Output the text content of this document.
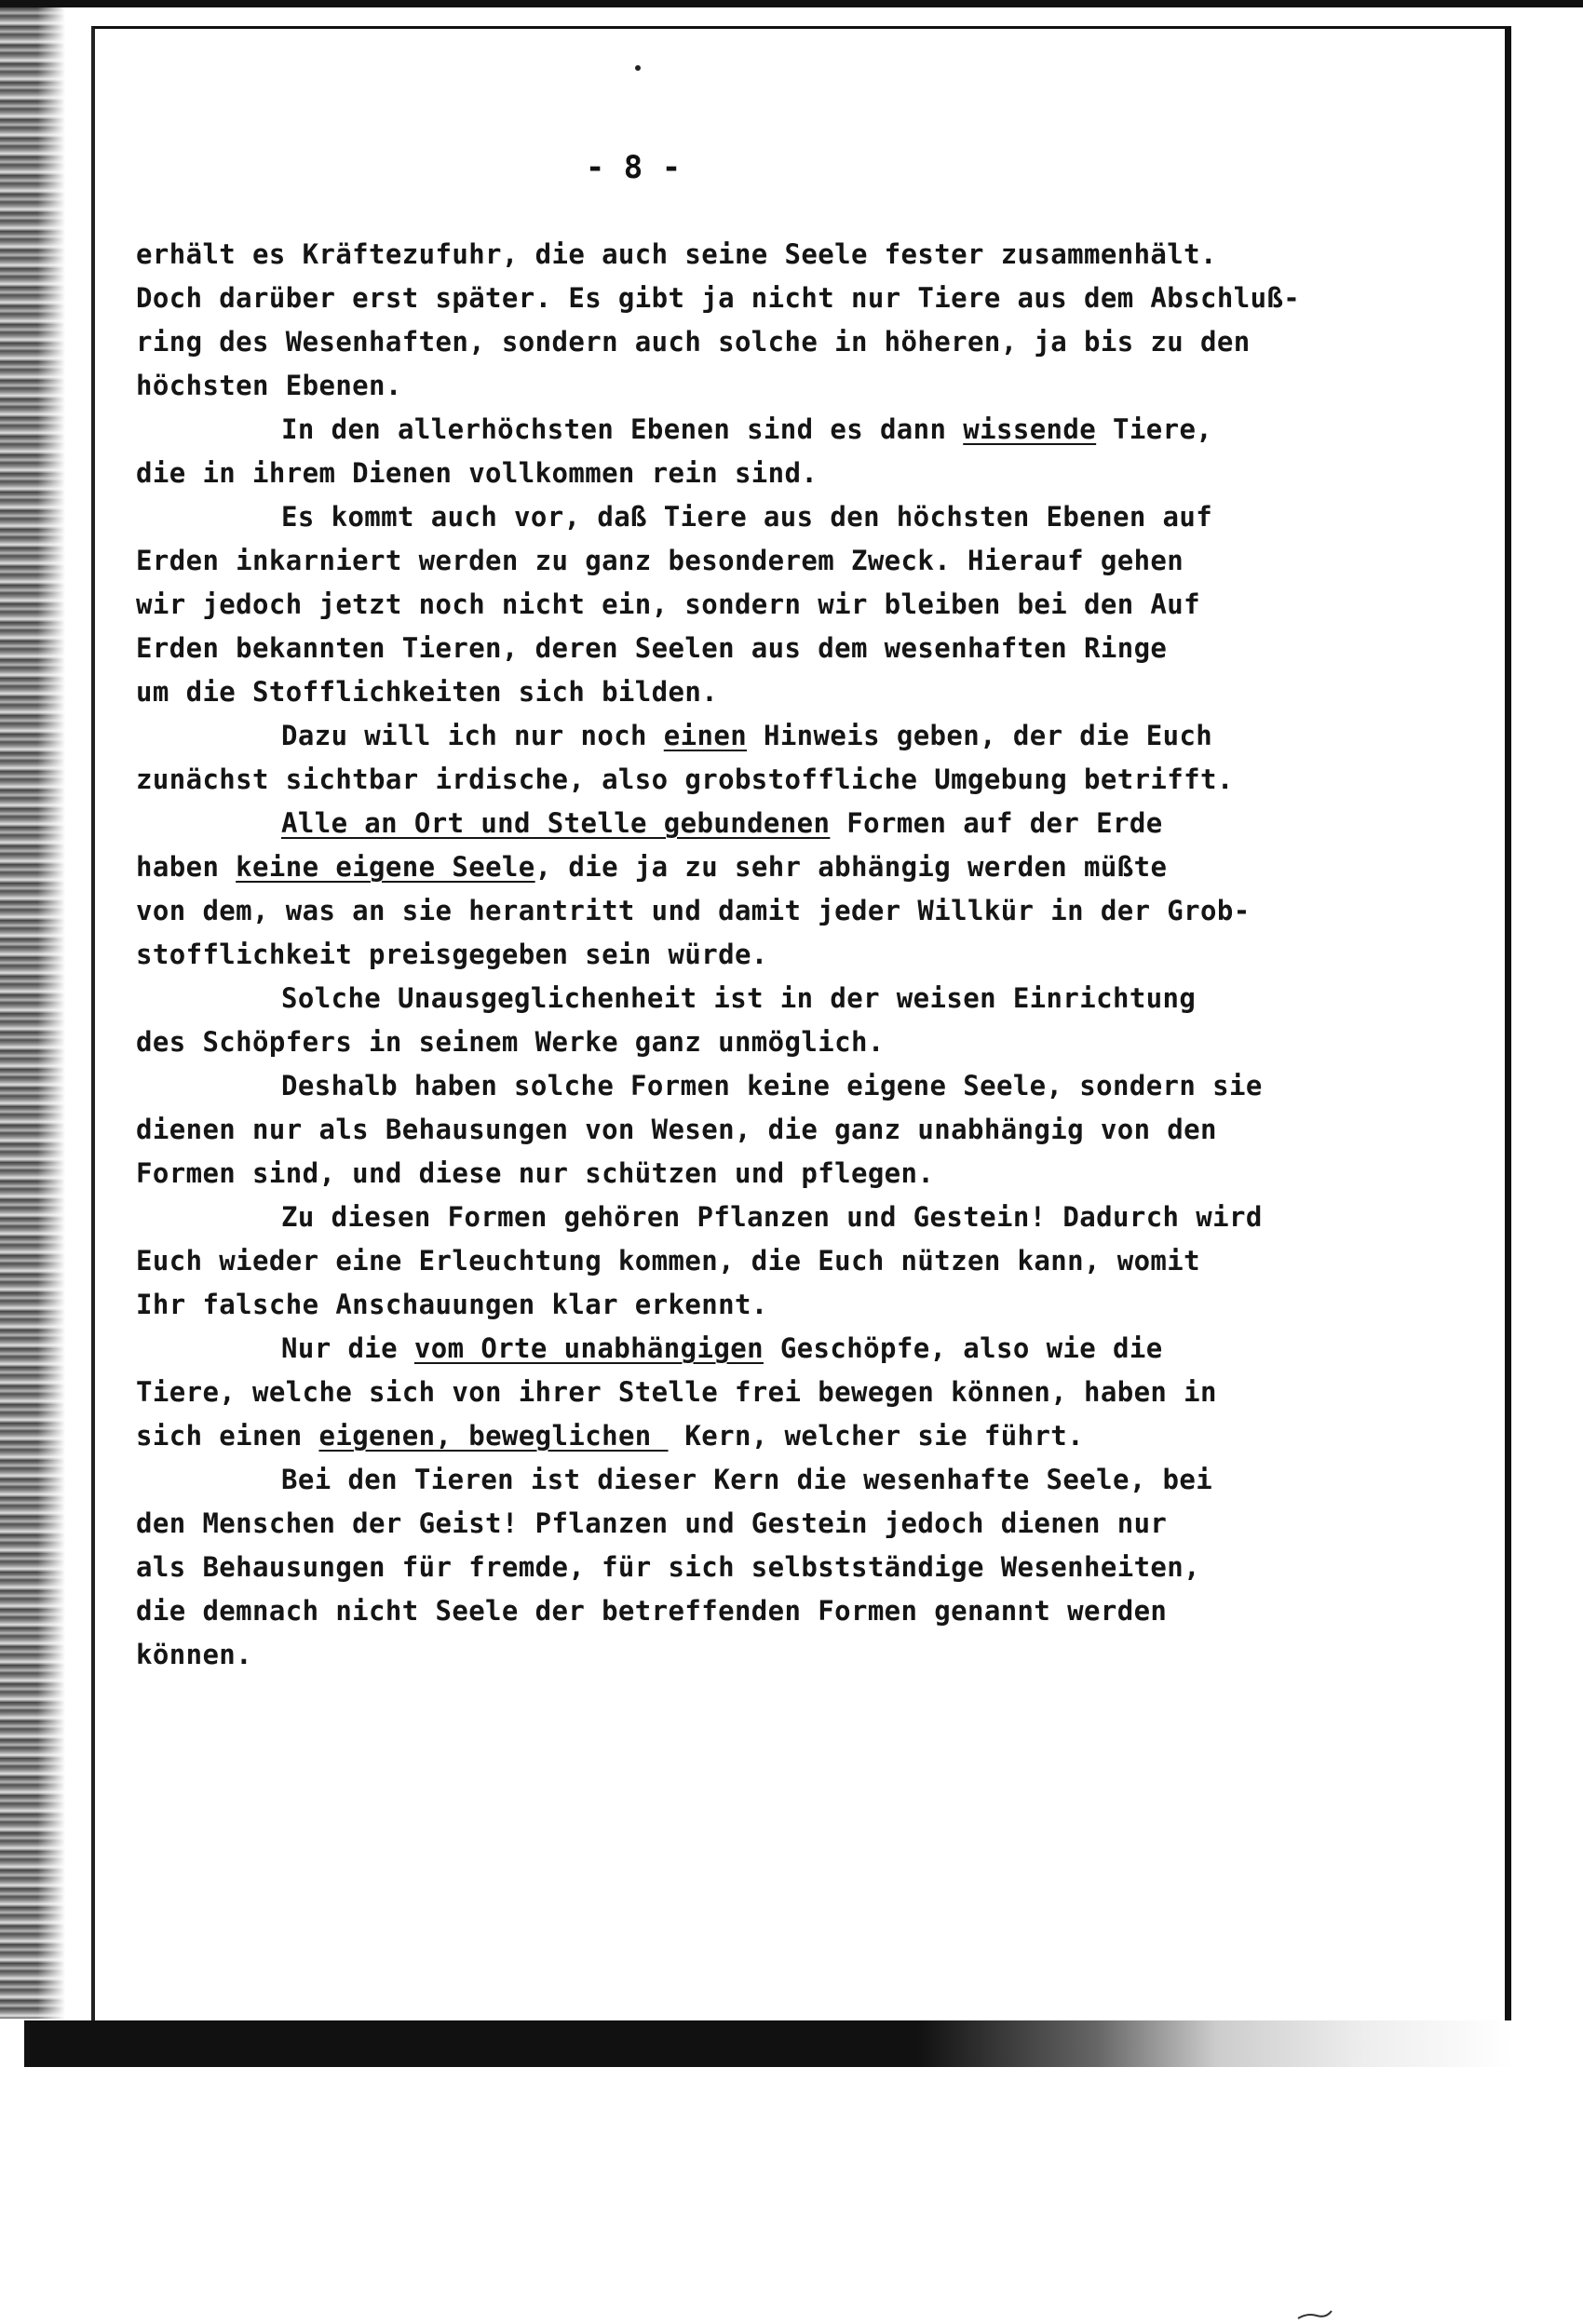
- 8 -
erhält es Kräftezufuhr, die auch seine Seele fester zusammenhält.
Doch darüber erst später. Es gibt ja nicht nur Tiere aus dem Abschluß-
ring des Wesenhaften, sondern auch solche in höheren, ja bis zu den
höchsten Ebenen.
In den allerhöchsten Ebenen sind es dann wissende Tiere,
die in ihrem Dienen vollkommen rein sind.
Es kommt auch vor, daß Tiere aus den höchsten Ebenen auf
Erden inkarniert werden zu ganz besonderem Zweck. Hierauf gehen
wir jedoch jetzt noch nicht ein, sondern wir bleiben bei den Auf
Erden bekannten Tieren, deren Seelen aus dem wesenhaften Ringe
um die Stofflichkeiten sich bilden.
Dazu will ich nur noch einen Hinweis geben, der die Euch
zunächst sichtbar irdische, also grobstoffliche Umgebung betrifft.
Alle an Ort und Stelle gebundenen Formen auf der Erde
haben keine eigene Seele, die ja zu sehr abhängig werden müßte
von dem, was an sie herantritt und damit jeder Willkür in der Grob-
stofflichkeit preisgegeben sein würde.
Solche Unausgeglichenheit ist in der weisen Einrichtung
des Schöpfers in seinem Werke ganz unmöglich.
Deshalb haben solche Formen keine eigene Seele, sondern sie
dienen nur als Behausungen von Wesen, die ganz unabhängig von den
Formen sind, und diese nur schützen und pflegen.
Zu diesen Formen gehören Pflanzen und Gestein! Dadurch wird
Euch wieder eine Erleuchtung kommen, die Euch nützen kann, womit
Ihr falsche Anschauungen klar erkennt.
Nur die vom Orte unabhängigen Geschöpfe, also wie die
Tiere, welche sich von ihrer Stelle frei bewegen können, haben in
sich einen eigenen, beweglichen  Kern, welcher sie führt.
Bei den Tieren ist dieser Kern die wesenhafte Seele, bei
den Menschen der Geist! Pflanzen und Gestein jedoch dienen nur
als Behausungen für fremde, für sich selbstständige Wesenheiten,
die demnach nicht Seele der betreffenden Formen genannt werden
können.
